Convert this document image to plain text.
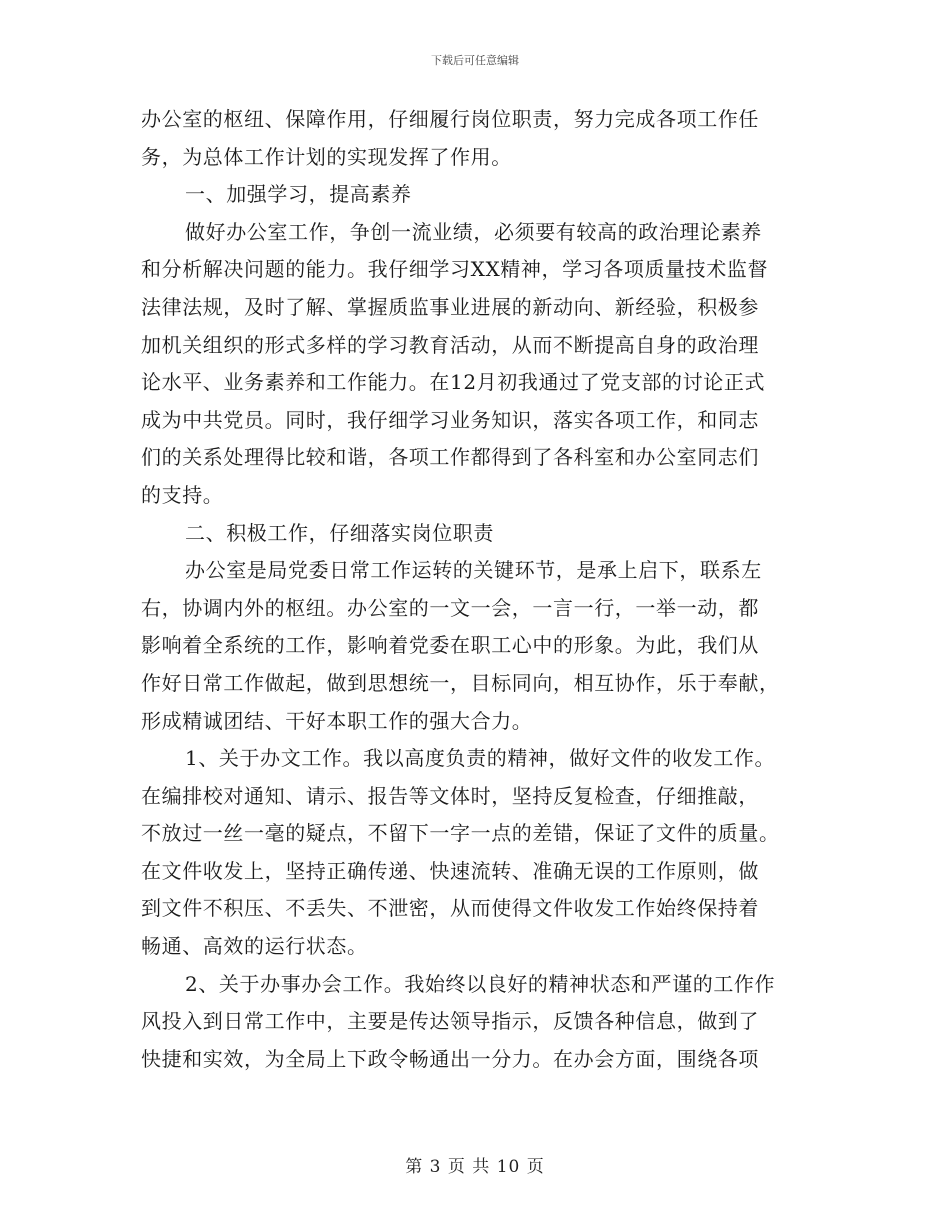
下载后可任意编辑
办公室的枢纽、保障作用，仔细履行岗位职责，努力完成各项工作任
务，为总体工作计划的实现发挥了作用。
一、加强学习，提高素养
做好办公室工作，争创一流业绩，必须要有较高的政治理论素养
和分析解决问题的能力。我仔细学习XX精神，学习各项质量技术监督
法律法规，及时了解、掌握质监事业进展的新动向、新经验，积极参
加机关组织的形式多样的学习教育活动，从而不断提高自身的政治理
论水平、业务素养和工作能力。在12月初我通过了党支部的讨论正式
成为中共党员。同时，我仔细学习业务知识，落实各项工作，和同志
们的关系处理得比较和谐，各项工作都得到了各科室和办公室同志们
的支持。
二、积极工作，仔细落实岗位职责
办公室是局党委日常工作运转的关键环节，是承上启下，联系左
右，协调内外的枢纽。办公室的一文一会，一言一行，一举一动，都
影响着全系统的工作，影响着党委在职工心中的形象。为此，我们从
作好日常工作做起，做到思想统一，目标同向，相互协作，乐于奉献，
形成精诚团结、干好本职工作的强大合力。
1、关于办文工作。我以高度负责的精神，做好文件的收发工作。
在编排校对通知、请示、报告等文体时，坚持反复检查，仔细推敲，
不放过一丝一毫的疑点，不留下一字一点的差错，保证了文件的质量。
在文件收发上，坚持正确传递、快速流转、准确无误的工作原则，做
到文件不积压、不丢失、不泄密，从而使得文件收发工作始终保持着
畅通、高效的运行状态。
2、关于办事办会工作。我始终以良好的精神状态和严谨的工作作
风投入到日常工作中，主要是传达领导指示，反馈各种信息，做到了
快捷和实效，为全局上下政令畅通出一分力。在办会方面，围绕各项
第 3 页 共 10 页
